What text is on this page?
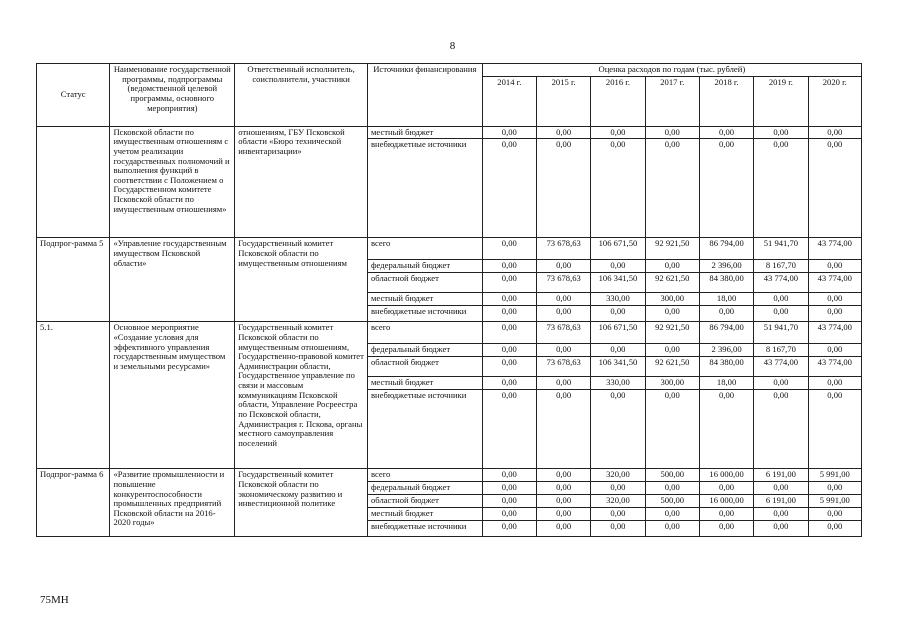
8
Статус	Наименование государственной программы, подпрограммы (ведомственной целевой программы, основного мероприятия)	Ответственный исполнитель, соисполнители, участники	Источники финансирования	Оценка расходов по годам (тыс. рублей)						
				2014 г.	2015 г.	2016 г.	2017 г.	2018 г.	2019 г.	2020 г.
	Псковской области по имущественным отношениям с учетом реализации государственных полномочий и выполнения функций в соответствии с Положением о Государственном комитете Псковской области по имущественным отношениям»	отношениям, ГБУ Псковской области «Бюро технической инвентаризации»	местный бюджет	0,00	0,00	0,00	0,00	0,00	0,00	0,00
			внебюджетные источники	0,00	0,00	0,00	0,00	0,00	0,00	0,00
Подпрог-рамма 5	«Управление государственным имуществом Псковской области»	Государственный комитет Псковской области по имущественным отношениям	всего	0,00	73 678,63	106 671,50	92 921,50	86 794,00	51 941,70	43 774,00
			федеральный бюджет	0,00	0,00	0,00	0,00	2 396,00	8 167,70	0,00
			областной бюджет	0,00	73 678,63	106 341,50	92 621,50	84 380,00	43 774,00	43 774,00
			местный бюджет	0,00	0,00	330,00	300,00	18,00	0,00	0,00
			внебюджетные источники	0,00	0,00	0,00	0,00	0,00	0,00	0,00
5.1.	Основное мероприятие «Создание условия для эффективного управления государственным имуществом и земельными ресурсами»	Государственный комитет Псковской области по имущественным отношениям, Государственно-правовой комитет Администрации области, Государственное управление по связи и массовым коммуникациям Псковской области, Управление Росреестра по Псковской области, Администрация г. Пскова, органы местного самоуправления поселений	всего	0,00	73 678,63	106 671,50	92 921,50	86 794,00	51 941,70	43 774,00
			федеральный бюджет	0,00	0,00	0,00	0,00	2 396,00	8 167,70	0,00
			областной бюджет	0,00	73 678,63	106 341,50	92 621,50	84 380,00	43 774,00	43 774,00
			местный бюджет	0,00	0,00	330,00	300,00	18,00	0,00	0,00
			внебюджетные источники	0,00	0,00	0,00	0,00	0,00	0,00	0,00
Подпрог-рамма 6	«Развитие промышленности и повышение конкурентоспособности промышленных предприятий Псковской области на 2016-2020 годы»	Государственный комитет Псковской области по экономическому развитию и инвестиционной политике	всего	0,00	0,00	320,00	500,00	16 000,00	6 191,00	5 991,00
			федеральный бюджет	0,00	0,00	0,00	0,00	0,00	0,00	0,00
			областной бюджет	0,00	0,00	320,00	500,00	16 000,00	6 191,00	5 991,00
			местный бюджет	0,00	0,00	0,00	0,00	0,00	0,00	0,00
			внебюджетные источники	0,00	0,00	0,00	0,00	0,00	0,00	0,00
75МН
